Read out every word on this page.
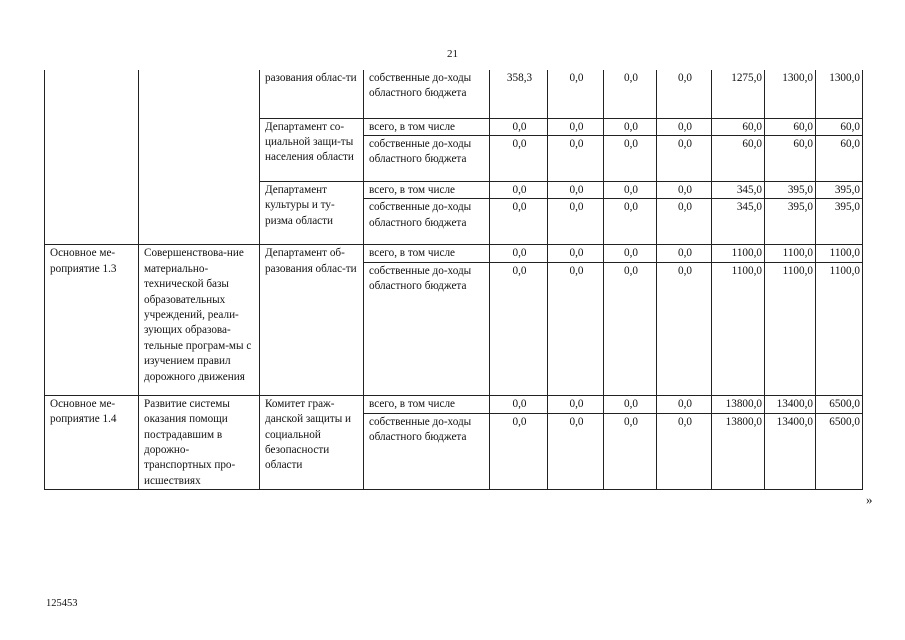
21
		разования облас-ти	собственные до-ходы областного бюджета	358,3	0,0	0,0	0,0	1275,0	1300,0	1300,0
		Департамент со-циальной защи-ты населения области	всего, в том числе	0,0	0,0	0,0	0,0	60,0	60,0	60,0
			собственные до-ходы областного бюджета	0,0	0,0	0,0	0,0	60,0	60,0	60,0
		Департамент культуры и ту-ризма области	всего, в том числе	0,0	0,0	0,0	0,0	345,0	395,0	395,0
			собственные до-ходы областного бюджета	0,0	0,0	0,0	0,0	345,0	395,0	395,0
Основное ме-роприятие 1.3	Совершенствова-ние материально-технической базы образовательных учреждений, реали-зующих образова-тельные програм-мы с изучением правил дорожного движения	Департамент об-разования облас-ти	всего, в том числе	0,0	0,0	0,0	0,0	1100,0	1100,0	1100,0
			собственные до-ходы областного бюджета	0,0	0,0	0,0	0,0	1100,0	1100,0	1100,0
Основное ме-роприятие 1.4	Развитие системы оказания помощи пострадавшим в дорожно-транспортных про-исшествиях	Комитет граж-данской защиты и социальной безопасности области	всего, в том числе	0,0	0,0	0,0	0,0	13800,0	13400,0	6500,0
			собственные до-ходы областного бюджета	0,0	0,0	0,0	0,0	13800,0	13400,0	6500,0
»
125453
